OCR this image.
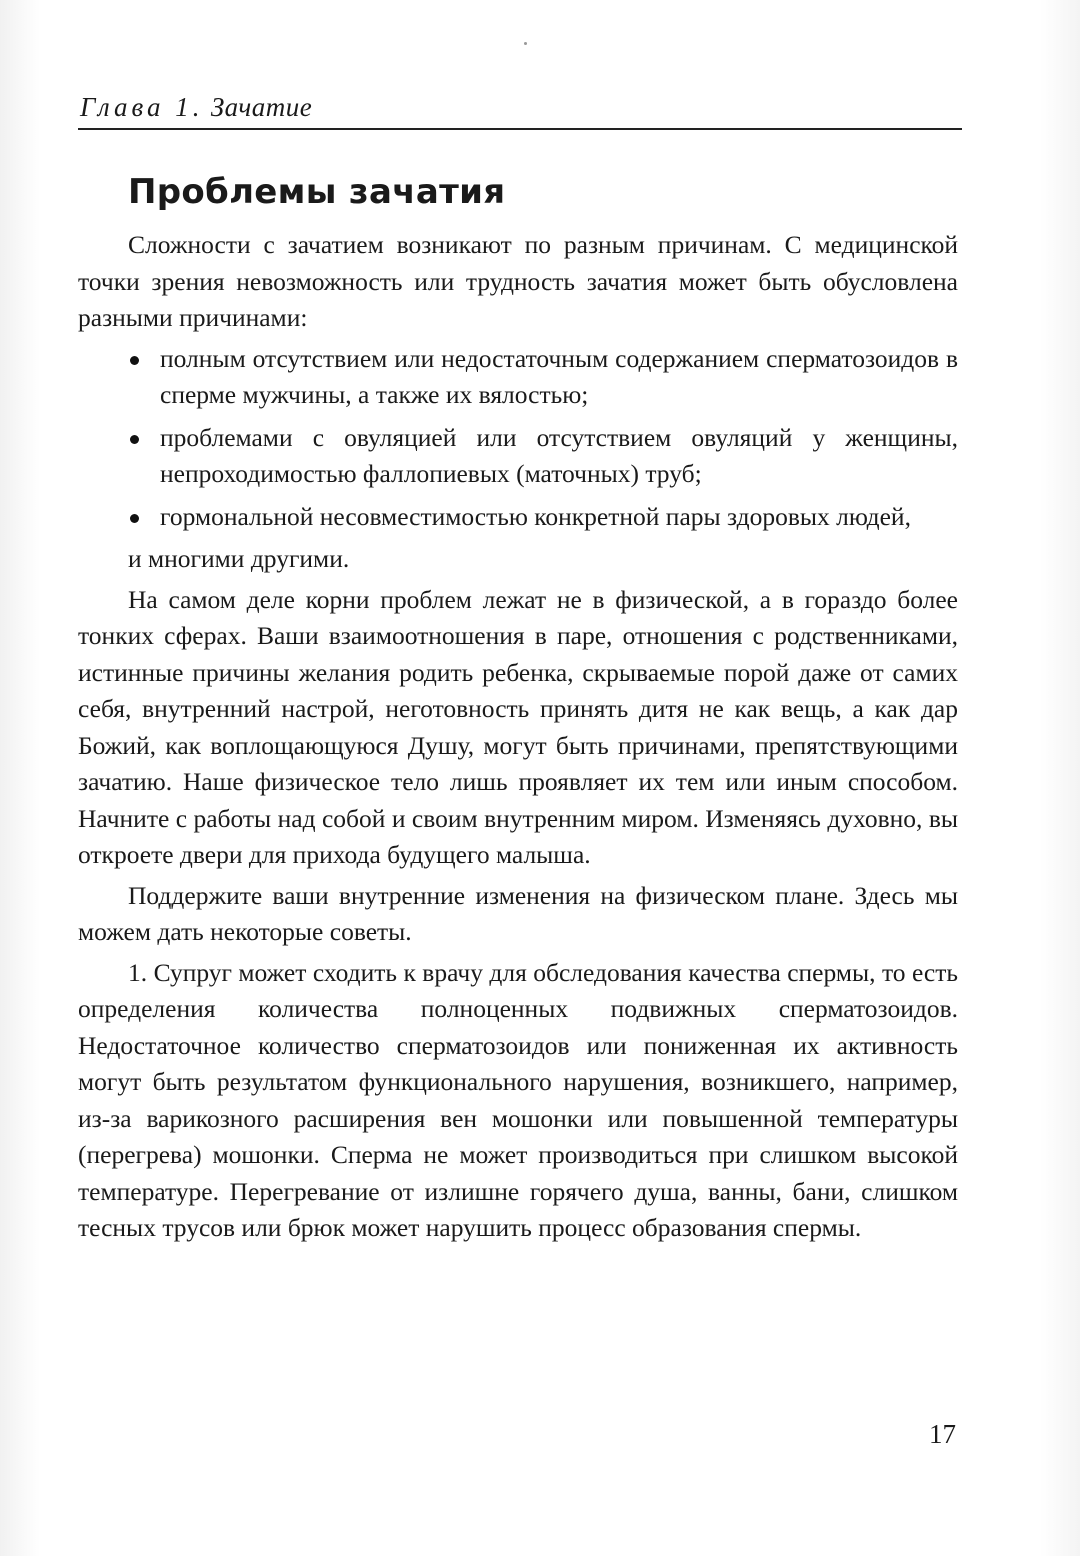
Глава 1. Зачатие
Проблемы зачатия

Сложности с зачатием возникают по разным причинам. С медицинской точки зрения невозможность или трудность зачатия может быть обусловлена разными причинами:

полным отсутствием или недостаточным содержанием сперматозоидов в сперме мужчины, а также их вялостью;
проблемами с овуляцией или отсутствием овуляций у женщины, непроходимостью фаллопиевых (маточных) труб;
гормональной несовместимостью конкретной пары здоровых людей,

и многими другими.

На самом деле корни проблем лежат не в физической, а в гораздо более тонких сферах. Ваши взаимоотношения в паре, отношения с родственниками, истинные причины желания родить ребенка, скрываемые порой даже от самих себя, внутренний настрой, неготовность принять дитя не как вещь, а как дар Божий, как воплощающуюся Душу, могут быть причинами, препятствующими зачатию. Наше физическое тело лишь проявляет их тем или иным способом. Начните с работы над собой и своим внутренним миром. Изменяясь духовно, вы откроете двери для прихода будущего малыша.

Поддержите ваши внутренние изменения на физическом плане. Здесь мы можем дать некоторые советы.

1. Супруг может сходить к врачу для обследования качества спермы, то есть определения количества полноценных подвижных сперматозоидов. Недостаточное количество сперматозоидов или пониженная их активность могут быть результатом функционального нарушения, возникшего, например, из-за варикозного расширения вен мошонки или повышенной температуры (перегрева) мошонки. Сперма не может производиться при слишком высокой температуре. Перегревание от излишне горячего душа, ванны, бани, слишком тесных трусов или брюк может нарушить процесс образования спермы.

17
